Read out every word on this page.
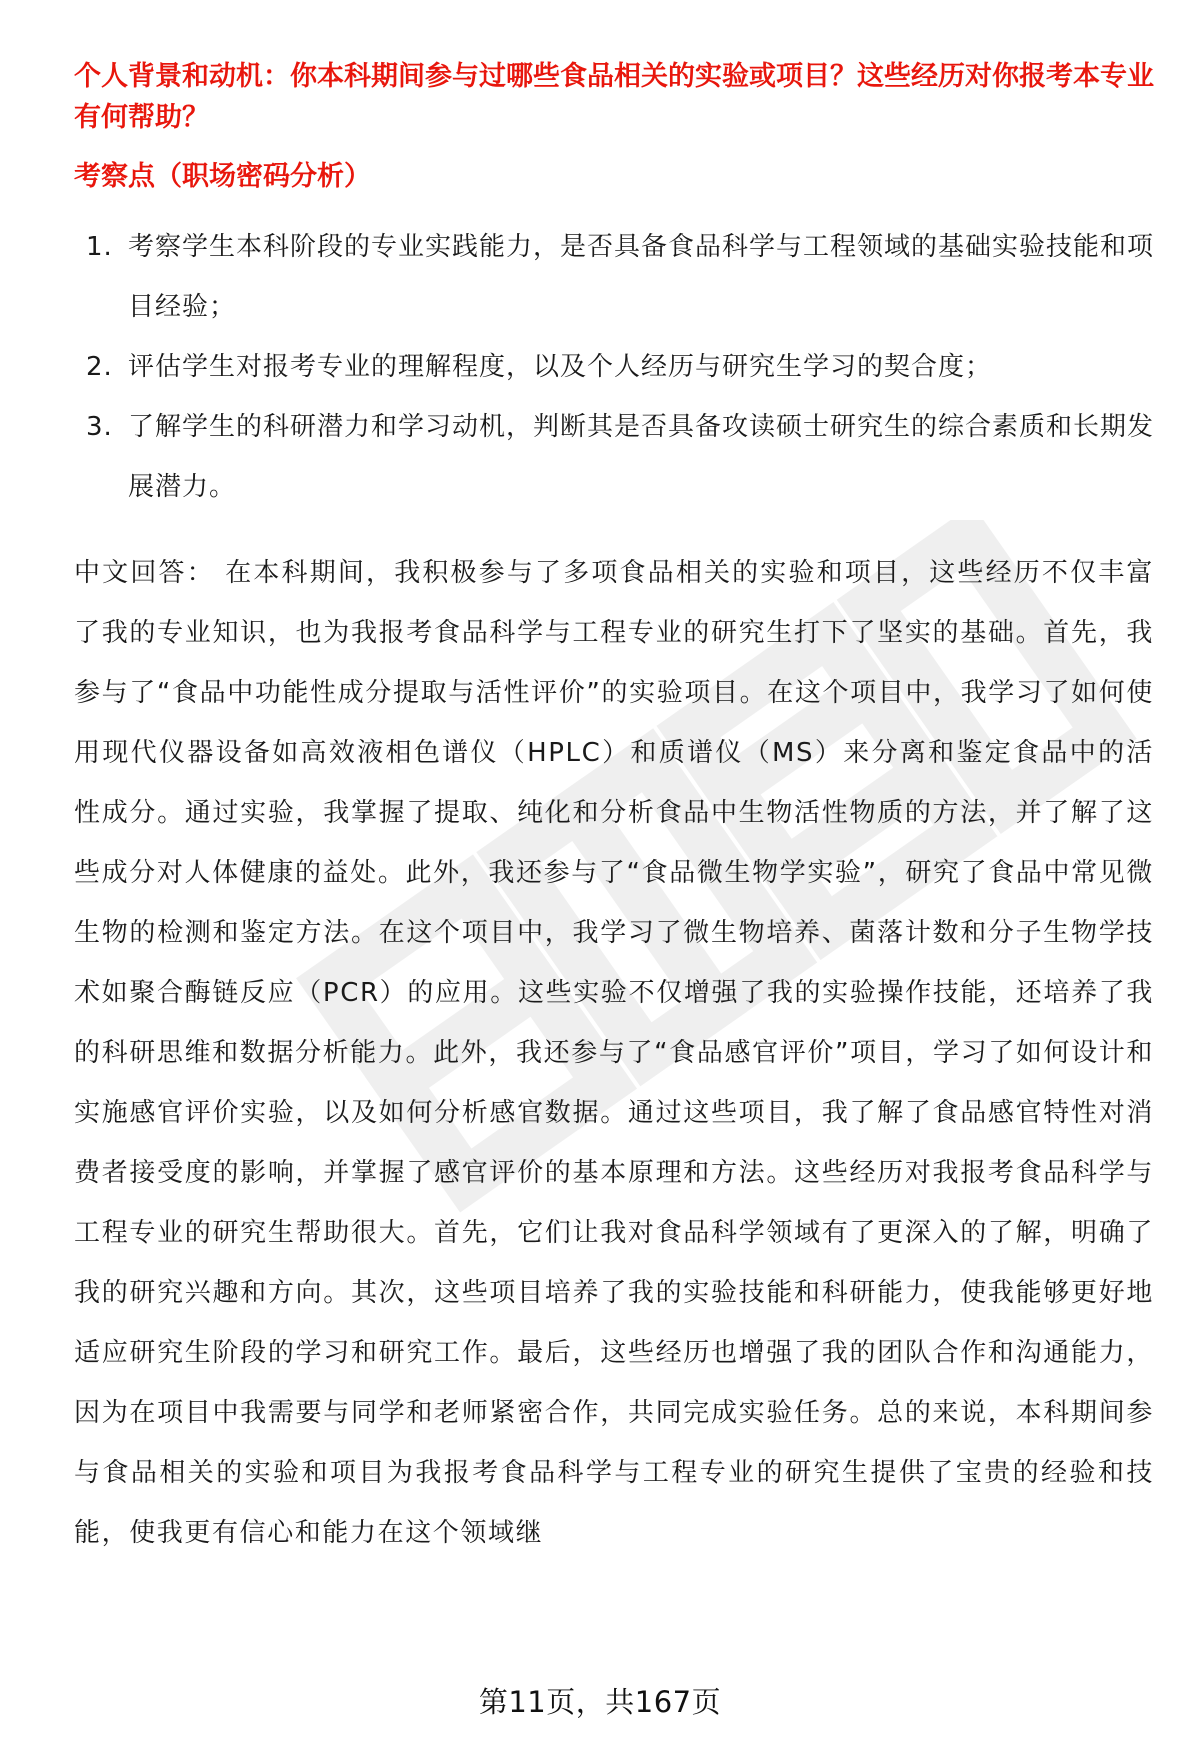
个人背景和动机：你本科期间参与过哪些食品相关的实验或项目？这些经历对你报考本专业有何帮助？

考察点（职场密码分析）

1. 考察学生本科阶段的专业实践能力，是否具备食品科学与工程领域的基础实验技能和项目经验；
2. 评估学生对报考专业的理解程度，以及个人经历与研究生学习的契合度；
3. 了解学生的科研潜力和学习动机，判断其是否具备攻读硕士研究生的综合素质和长期发展潜力。

中文回答： 在本科期间，我积极参与了多项食品相关的实验和项目，这些经历不仅丰富了我的专业知识，也为我报考食品科学与工程专业的研究生打下了坚实的基础。首先，我参与了“食品中功能性成分提取与活性评价”的实验项目。在这个项目中，我学习了如何使用现代仪器设备如高效液相色谱仪（HPLC）和质谱仪（MS）来分离和鉴定食品中的活性成分。通过实验，我掌握了提取、纯化和分析食品中生物活性物质的方法，并了解了这些成分对人体健康的益处。此外，我还参与了“食品微生物学实验”，研究了食品中常见微生物的检测和鉴定方法。在这个项目中，我学习了微生物培养、菌落计数和分子生物学技术如聚合酶链反应（PCR）的应用。这些实验不仅增强了我的实验操作技能，还培养了我的科研思维和数据分析能力。此外，我还参与了“食品感官评价”项目，学习了如何设计和实施感官评价实验，以及如何分析感官数据。通过这些项目，我了解了食品感官特性对消费者接受度的影响，并掌握了感官评价的基本原理和方法。这些经历对我报考食品科学与工程专业的研究生帮助很大。首先，它们让我对食品科学领域有了更深入的了解，明确了我的研究兴趣和方向。其次，这些项目培养了我的实验技能和科研能力，使我能够更好地适应研究生阶段的学习和研究工作。最后，这些经历也增强了我的团队合作和沟通能力，因为在项目中我需要与同学和老师紧密合作，共同完成实验任务。总的来说，本科期间参与食品相关的实验和项目为我报考食品科学与工程专业的研究生提供了宝贵的经验和技能，使我更有信心和能力在这个领域继

第11页，共167页
